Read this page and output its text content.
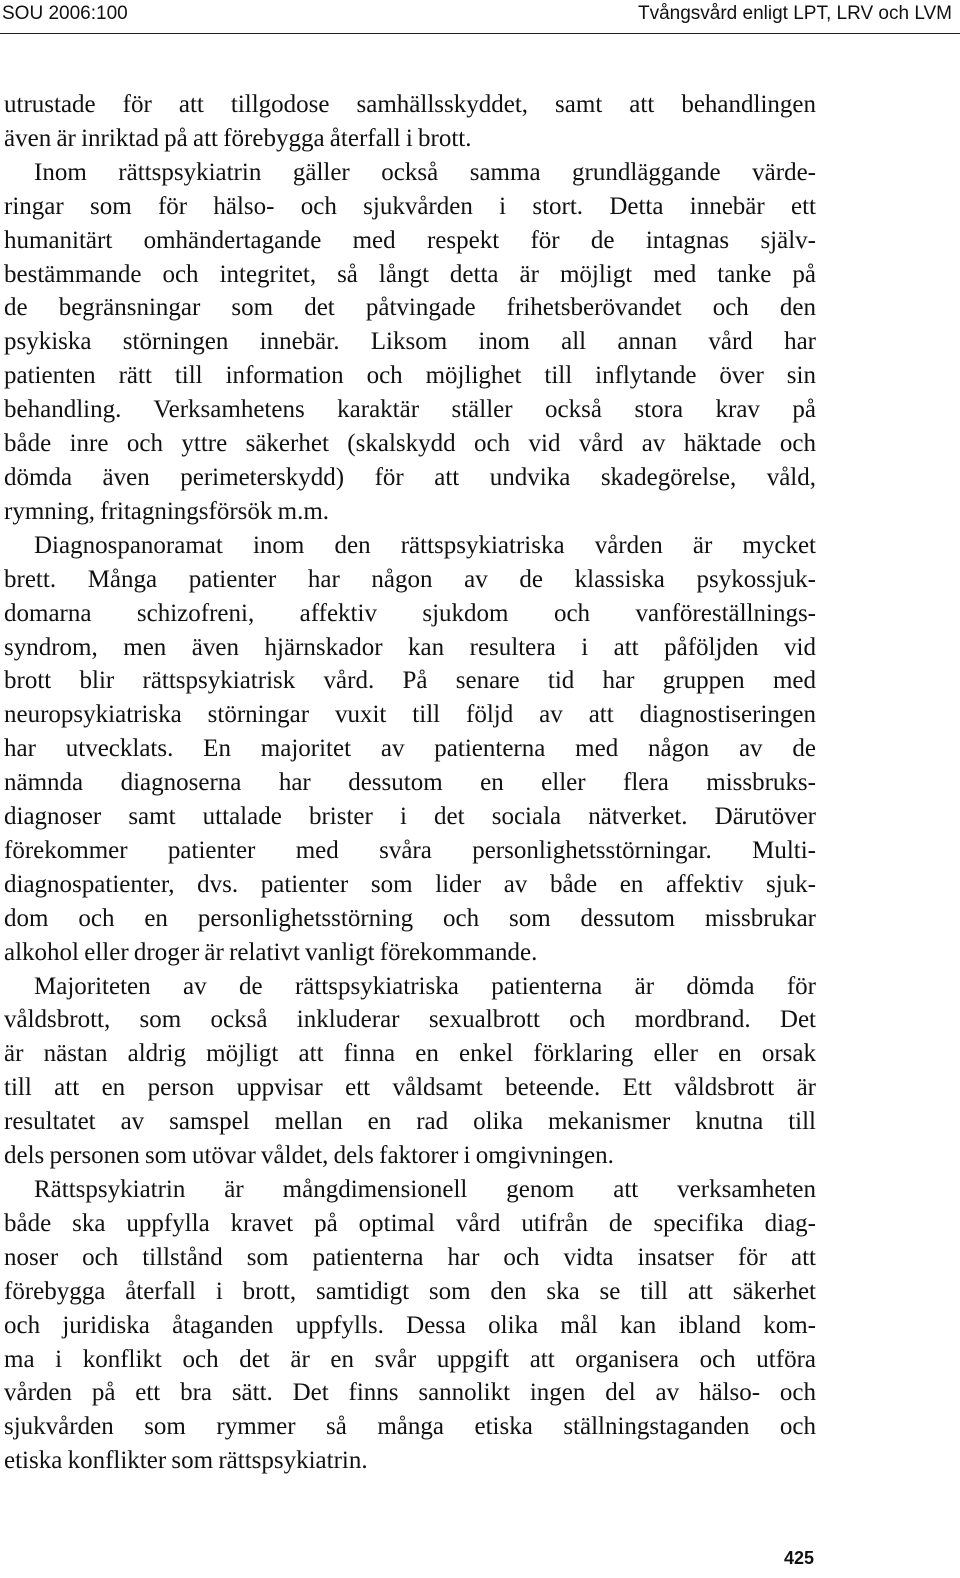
SOU 2006:100	Tvångsvård enligt LPT, LRV och LVM

utrustade för att tillgodose samhällsskyddet, samt att behandlingen

även är inriktad på att förebygga återfall i brott.

Inom rättspsykiatrin gäller också samma grundläggande värde-

ringar som för hälso- och sjukvården i stort. Detta innebär ett

humanitärt omhändertagande med respekt för de intagnas själv-

bestämmande och integritet, så långt detta är möjligt med tanke på

de begränsningar som det påtvingade frihetsberövandet och den

psykiska störningen innebär. Liksom inom all annan vård har

patienten rätt till information och möjlighet till inflytande över sin

behandling. Verksamhetens karaktär ställer också stora krav på

både inre och yttre säkerhet (skalskydd och vid vård av häktade och

dömda även perimeterskydd) för att undvika skadegörelse, våld,

rymning, fritagningsförsök m.m.

Diagnospanoramat inom den rättspsykiatriska vården är mycket

brett. Många patienter har någon av de klassiska psykossjuk-

domarna schizofreni, affektiv sjukdom och vanföreställnings-

syndrom, men även hjärnskador kan resultera i att påföljden vid

brott blir rättspsykiatrisk vård. På senare tid har gruppen med

neuropsykiatriska störningar vuxit till följd av att diagnostiseringen

har utvecklats. En majoritet av patienterna med någon av de

nämnda diagnoserna har dessutom en eller flera missbruks-

diagnoser samt uttalade brister i det sociala nätverket. Därutöver

förekommer patienter med svåra personlighetsstörningar. Multi-

diagnospatienter, dvs. patienter som lider av både en affektiv sjuk-

dom och en personlighetsstörning och som dessutom missbrukar

alkohol eller droger är relativt vanligt förekommande.

Majoriteten av de rättspsykiatriska patienterna är dömda för

våldsbrott, som också inkluderar sexualbrott och mordbrand. Det

är nästan aldrig möjligt att finna en enkel förklaring eller en orsak

till att en person uppvisar ett våldsamt beteende. Ett våldsbrott är

resultatet av samspel mellan en rad olika mekanismer knutna till

dels personen som utövar våldet, dels faktorer i omgivningen.

Rättspsykiatrin är mångdimensionell genom att verksamheten

både ska uppfylla kravet på optimal vård utifrån de specifika diag-

noser och tillstånd som patienterna har och vidta insatser för att

förebygga återfall i brott, samtidigt som den ska se till att säkerhet

och juridiska åtaganden uppfylls. Dessa olika mål kan ibland kom-

ma i konflikt och det är en svår uppgift att organisera och utföra

vården på ett bra sätt. Det finns sannolikt ingen del av hälso- och

sjukvården som rymmer så många etiska ställningstaganden och

etiska konflikter som rättspsykiatrin.

425
